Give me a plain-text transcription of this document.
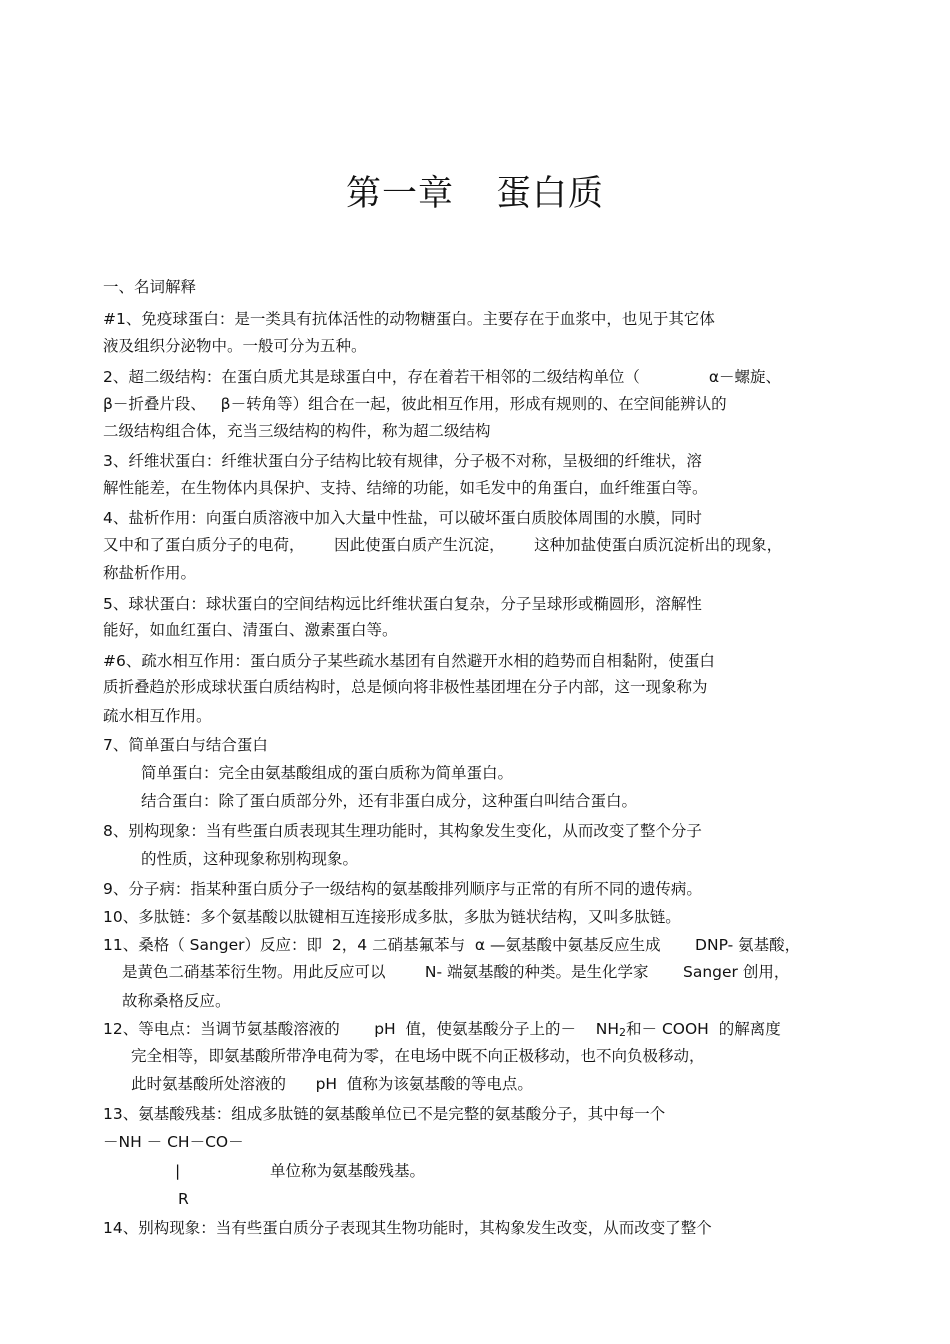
第一章 蛋白质

一、名词解释

#1、免疫球蛋白：是一类具有抗体活性的动物糖蛋白。主要存在于血浆中，也见于其它体

液及组织分泌物中。一般可分为五种。

2、超二级结构：在蛋白质尤其是球蛋白中，存在着若干相邻的二级结构单位（              α－螺旋、

β－折叠片段、   β－转角等）组合在一起，彼此相互作用，形成有规则的、在空间能辨认的

二级结构组合体，充当三级结构的构件，称为超二级结构

3、纤维状蛋白：纤维状蛋白分子结构比较有规律，分子极不对称，呈极细的纤维状，溶

解性能差，在生物体内具保护、支持、结缔的功能，如毛发中的角蛋白，血纤维蛋白等。

4、盐析作用：向蛋白质溶液中加入大量中性盐，可以破坏蛋白质胶体周围的水膜，同时

又中和了蛋白质分子的电荷，      因此使蛋白质产生沉淀，      这种加盐使蛋白质沉淀析出的现象，

称盐析作用。

5、球状蛋白：球状蛋白的空间结构远比纤维状蛋白复杂，分子呈球形或椭圆形，溶解性

能好，如血红蛋白、清蛋白、激素蛋白等。

#6、疏水相互作用：蛋白质分子某些疏水基团有自然避开水相的趋势而自相黏附，使蛋白

质折叠趋於形成球状蛋白质结构时，总是倾向将非极性基团埋在分子内部，这一现象称为

疏水相互作用。

7、简单蛋白与结合蛋白

简单蛋白：完全由氨基酸组成的蛋白质称为简单蛋白。

结合蛋白：除了蛋白质部分外，还有非蛋白成分，这种蛋白叫结合蛋白。

8、别构现象：当有些蛋白质表现其生理功能时，其构象发生变化，从而改变了整个分子

的性质，这种现象称别构现象。

9、分子病：指某种蛋白质分子一级结构的氨基酸排列顺序与正常的有所不同的遗传病。

10、多肽链：多个氨基酸以肽键相互连接形成多肽，多肽为链状结构，又叫多肽链。

11、桑格（ Sanger）反应：即  2，4 二硝基氟苯与  α —氨基酸中氨基反应生成       DNP- 氨基酸，

是黄色二硝基苯衍生物。用此反应可以        N- 端氨基酸的种类。是生化学家       Sanger 创用，

故称桑格反应。

12、等电点：当调节氨基酸溶液的       pH  值，使氨基酸分子上的－    NH2和－ COOH  的解离度

完全相等，即氨基酸所带净电荷为零，在电场中既不向正极移动，也不向负极移动，

此时氨基酸所处溶液的      pH  值称为该氨基酸的等电点。

13、氨基酸残基：组成多肽链的氨基酸单位已不是完整的氨基酸分子，其中每一个

－NH － CH－CO－

|	单位称为氨基酸残基。

R

14、别构现象：当有些蛋白质分子表现其生物功能时，其构象发生改变，从而改变了整个
